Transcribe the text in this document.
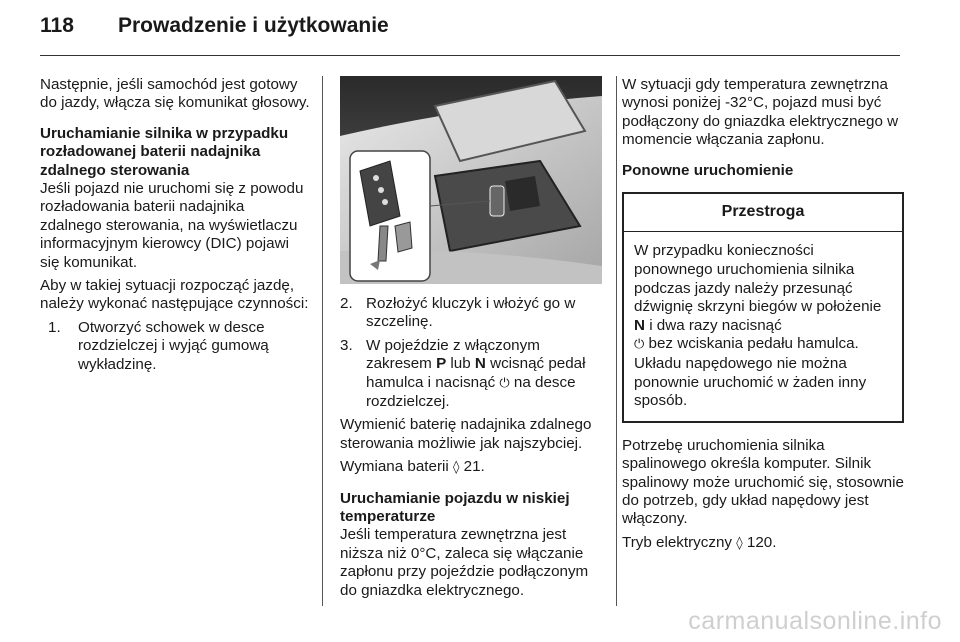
118 Prowadzenie i użytkowanie

Następnie, jeśli samochód jest gotowy do jazdy, włącza się komunikat głosowy.

Uruchamianie silnika w przypadku rozładowanej baterii nadajnika zdalnego sterowania

Jeśli pojazd nie uruchomi się z powodu rozładowania baterii nadajnika zdalnego sterowania, na wyświetlaczu informacyjnym kierowcy (DIC) pojawi się komunikat.

Aby w takiej sytuacji rozpocząć jazdę, należy wykonać następujące czynności:

1. Otworzyć schowek w desce rozdzielczej i wyjąć gumową wykładzinę.
2. Rozłożyć kluczyk i włożyć go w szczelinę.
3. W pojeździe z włączonym zakresem P lub N wcisnąć pedał hamulca i nacisnąć ⏻ na desce rozdzielczej.

Wymienić baterię nadajnika zdalnego sterowania możliwie jak najszybciej.

Wymiana baterii ◊ 21.

Uruchamianie pojazdu w niskiej temperaturze

Jeśli temperatura zewnętrzna jest niższa niż 0°C, zaleca się włączanie zapłonu przy pojeździe podłączonym do gniazdka elektrycznego.

W sytuacji gdy temperatura zewnętrzna wynosi poniżej -32°C, pojazd musi być podłączony do gniazdka elektrycznego w momencie włączania zapłonu.

Ponowne uruchomienie
Przestroga
W przypadku konieczności ponownego uruchomienia silnika podczas jazdy należy przesunąć dźwignię skrzyni biegów w położenie N i dwa razy nacisnąć
⏻ bez wciskania pedału hamulca. Układu napędowego nie można ponownie uruchomić w żaden inny sposób.

Potrzebę uruchomienia silnika spalinowego określa komputer. Silnik spalinowy może uruchomić się, stosownie do potrzeb, gdy układ napędowy jest włączony.

Tryb elektryczny ◊ 120.

carmanualsonline.info
